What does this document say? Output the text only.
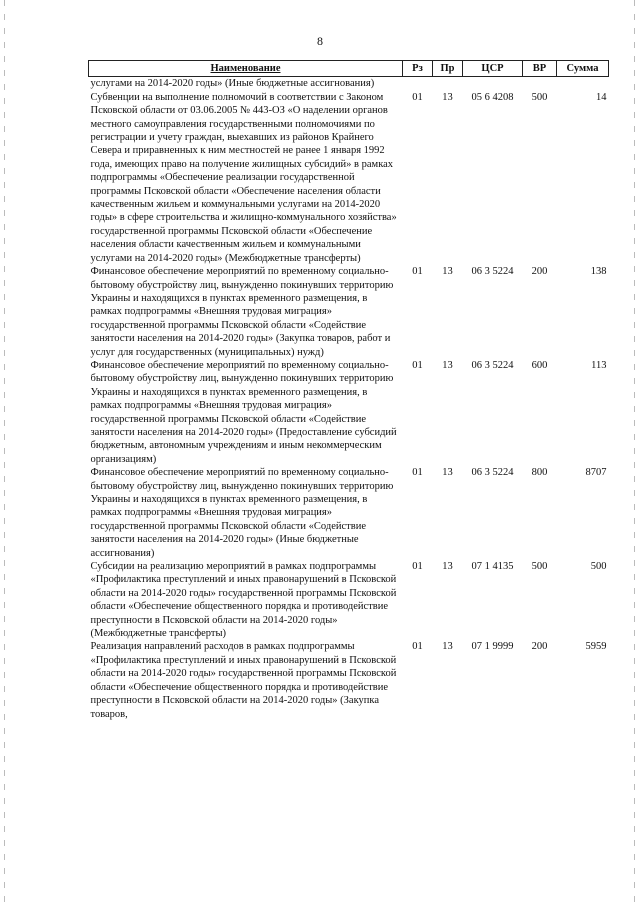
8
Наименование	Рз	Пр	ЦСР	ВР	Сумма
услугами на 2014-2020 годы» (Иные бюджетные ассигнования)					
Субвенции на выполнение полномочий в соответствии с Законом Псковской области от 03.06.2005 № 443-ОЗ «О наделении органов местного самоуправления государственными полномочиями по регистрации и учету граждан, выехавших из районов Крайнего Севера и приравненных к ним местностей не ранее 1 января 1992 года, имеющих право на получение жилищных субсидий» в рамках подпрограммы «Обеспечение реализации государственной программы Псковской области «Обеспечение населения области качественным жильем и коммунальными услугами на 2014-2020 годы» в сфере строительства и жилищно-коммунального хозяйства» государственной программы Псковской области «Обеспечение населения области качественным жильем и коммунальными услугами на 2014-2020 годы» (Межбюджетные трансферты)	01	13	05 6 4208	500	14
Финансовое обеспечение мероприятий по временному социально-бытовому обустройству лиц, вынужденно покинувших территорию Украины и находящихся в пунктах временного размещения, в рамках подпрограммы «Внешняя трудовая миграция» государственной программы Псковской области «Содействие занятости населения на 2014-2020 годы» (Закупка товаров, работ и услуг для государственных (муниципальных) нужд)	01	13	06 3 5224	200	138
Финансовое обеспечение мероприятий по временному социально-бытовому обустройству лиц, вынужденно покинувших территорию Украины и находящихся в пунктах временного размещения, в рамках подпрограммы «Внешняя трудовая миграция» государственной программы Псковской области «Содействие занятости населения на 2014-2020 годы» (Предоставление субсидий бюджетным, автономным учреждениям и иным некоммерческим организациям)	01	13	06 3 5224	600	113
Финансовое обеспечение мероприятий по временному социально-бытовому обустройству лиц, вынужденно покинувших территорию Украины и находящихся в пунктах временного размещения, в рамках подпрограммы «Внешняя трудовая миграция» государственной программы Псковской области «Содействие занятости населения на 2014-2020 годы» (Иные бюджетные ассигнования)	01	13	06 3 5224	800	8707
Субсидии на реализацию мероприятий в рамках подпрограммы «Профилактика преступлений и иных правонарушений в Псковской области на 2014-2020 годы» государственной программы Псковской области «Обеспечение общественного порядка и противодействие преступности в Псковской области на 2014-2020 годы» (Межбюджетные трансферты)	01	13	07 1 4135	500	500
Реализация направлений расходов в рамках подпрограммы «Профилактика преступлений и иных правонарушений в Псковской области на 2014-2020 годы» государственной программы Псковской области «Обеспечение общественного порядка и противодействие преступности в Псковской области на 2014-2020 годы» (Закупка товаров,	01	13	07 1 9999	200	5959
